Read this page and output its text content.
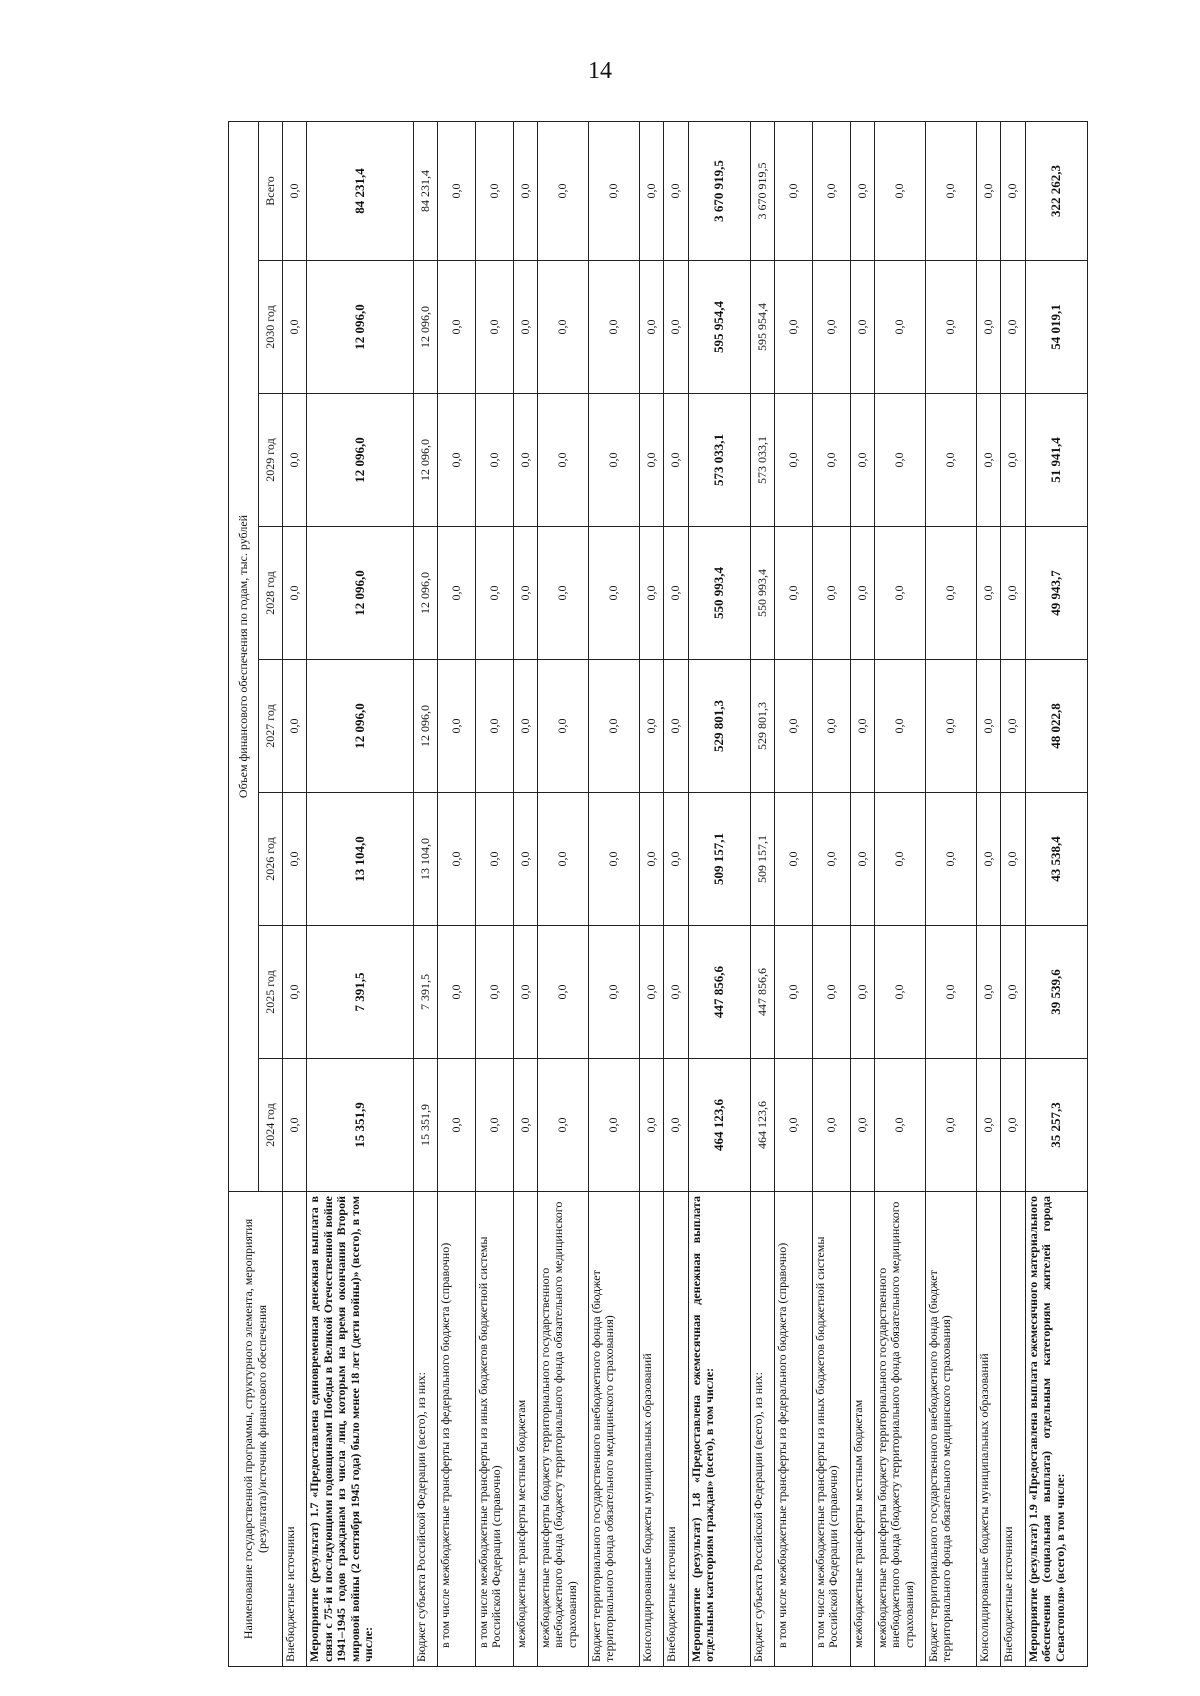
14
Наименование государственной программы, структурного элемента, мероприятия (результата)/источник финансового обеспечения	Объем финансового обеспечения по годам, тыс. рублей							
	2024 год	2025 год	2026 год	2027 год	2028 год	2029 год	2030 год	Всего
Внебюджетные источники	0,0	0,0	0,0	0,0	0,0	0,0	0,0	0,0
Мероприятие (результат) 1.7 «Предоставлена единовременная денежная выплата в связи с 75-й и последующими годовщинами Победы в Великой Отечественной войне 1941–1945 годов гражданам из числа лиц, которым на время окончания Второй мировой войны (2 сентября 1945 года) было менее 18 лет (дети войны)» (всего), в том числе:	15 351,9	7 391,5	13 104,0	12 096,0	12 096,0	12 096,0	12 096,0	84 231,4
Бюджет субъекта Российской Федерации (всего), из них:	15 351,9	7 391,5	13 104,0	12 096,0	12 096,0	12 096,0	12 096,0	84 231,4
в том числе межбюджетные трансферты из федерального бюджета (справочно)	0,0	0,0	0,0	0,0	0,0	0,0	0,0	0,0
в том числе межбюджетные трансферты из иных бюджетов бюджетной системы Российской Федерации (справочно)	0,0	0,0	0,0	0,0	0,0	0,0	0,0	0,0
межбюджетные трансферты местным бюджетам	0,0	0,0	0,0	0,0	0,0	0,0	0,0	0,0
межбюджетные трансферты бюджету территориального государственного внебюджетного фонда (бюджету территориального фонда обязательного медицинского страхования)	0,0	0,0	0,0	0,0	0,0	0,0	0,0	0,0
Бюджет территориального государственного внебюджетного фонда (бюджет территориального фонда обязательного медицинского страхования)	0,0	0,0	0,0	0,0	0,0	0,0	0,0	0,0
Консолидированные бюджеты муниципальных образований	0,0	0,0	0,0	0,0	0,0	0,0	0,0	0,0
Внебюджетные источники	0,0	0,0	0,0	0,0	0,0	0,0	0,0	0,0
Мероприятие (результат) 1.8 «Предоставлена ежемесячная денежная выплата отдельным категориям граждан» (всего), в том числе:	464 123,6	447 856,6	509 157,1	529 801,3	550 993,4	573 033,1	595 954,4	3 670 919,5
Бюджет субъекта Российской Федерации (всего), из них:	464 123,6	447 856,6	509 157,1	529 801,3	550 993,4	573 033,1	595 954,4	3 670 919,5
в том числе межбюджетные трансферты из федерального бюджета (справочно)	0,0	0,0	0,0	0,0	0,0	0,0	0,0	0,0
в том числе межбюджетные трансферты из иных бюджетов бюджетной системы Российской Федерации (справочно)	0,0	0,0	0,0	0,0	0,0	0,0	0,0	0,0
межбюджетные трансферты местным бюджетам	0,0	0,0	0,0	0,0	0,0	0,0	0,0	0,0
межбюджетные трансферты бюджету территориального государственного внебюджетного фонда (бюджету территориального фонда обязательного медицинского страхования)	0,0	0,0	0,0	0,0	0,0	0,0	0,0	0,0
Бюджет территориального государственного внебюджетного фонда (бюджет территориального фонда обязательного медицинского страхования)	0,0	0,0	0,0	0,0	0,0	0,0	0,0	0,0
Консолидированные бюджеты муниципальных образований	0,0	0,0	0,0	0,0	0,0	0,0	0,0	0,0
Внебюджетные источники	0,0	0,0	0,0	0,0	0,0	0,0	0,0	0,0
Мероприятие (результат) 1.9 «Предоставлена выплата ежемесячного материального обеспечения (социальная выплата) отдельным категориям жителей города Севастополя» (всего), в том числе:	35 257,3	39 539,6	43 538,4	48 022,8	49 943,7	51 941,4	54 019,1	322 262,3
